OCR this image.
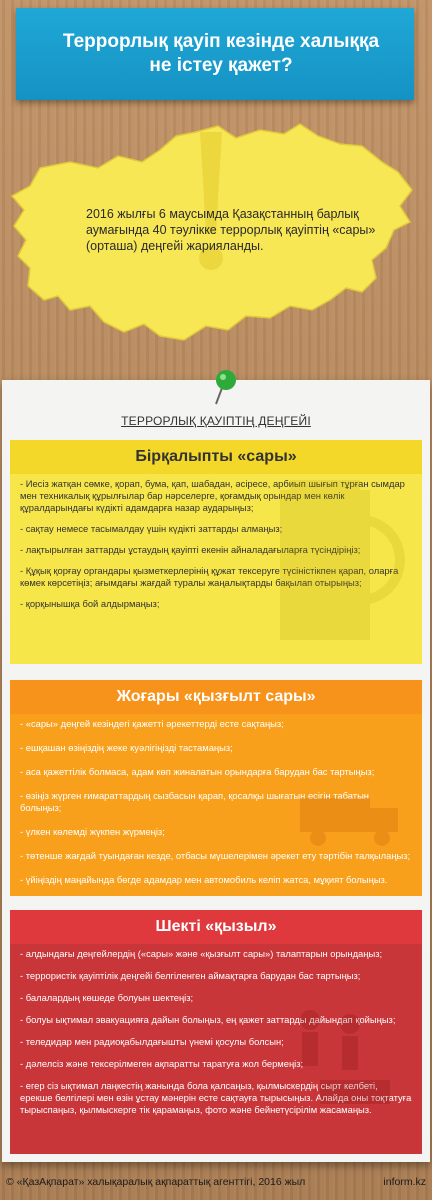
Террорлық қауіп кезінде халыққа не істеу қажет?
2016 жылғы 6 маусымда Қазақстанның барлық аумағында 40 тәулікке террорлық қауіптің «сары» (орташа) деңгейі жарияланды.
ТЕРРОРЛЫҚ ҚАУІПТІҢ ДЕҢГЕЙІ
Бірқалыпты «сары»
- Иесіз жатқан сөмке, қорап, бума, қап, шабадан, әсіресе, арбиып шығып тұрған сымдар мен техникалық құрылғылар бар нәрселерге, қоғамдық орындар мен көлік құралдарындағы күдікті адамдарға назар аударыңыз;
- сақтау немесе тасымалдау үшін күдікті заттарды алмаңыз;
- лақтырылған заттарды ұстаудың қауіпті екенін айналадағыларға түсіндіріңіз;
- Құқық қорғау органдары қызметкерлерінің құжат тексеруге түсіністікпен қарап, оларға көмек көрсетіңіз; ағымдағы жағдай туралы жаңалықтарды бақылап отырыңыз;
- қорқынышқа бой алдырмаңыз;
Жоғары «қызғылт сары»
- «сары» деңгей кезіндегі қажетті әрекеттерді есте сақтаңыз;
- ешқашан өзіңіздің жеке куәлігіңізді тастамаңыз;
- аса қажеттілік болмаса, адам көп жиналатын орындарға барудан бас тартыңыз;
- өзіңіз жүрген ғимараттардың сызбасын қарап, қосалқы шығатын есігін табатын болыңыз;
- үлкен көлемді жүкпен жүрмеңіз;
- төтенше жағдай туындаған кезде, отбасы мүшелерімен әрекет ету тәртібін талқылаңыз;
- үйіңіздің маңайында бөгде адамдар мен автомобиль келіп жатса, мұқият болыңыз.
Шекті «қызыл»
- алдындағы деңгейлердің («сары» және «қызғылт сары») талаптарын орындаңыз;
- террористік қауіптілік деңгейі белгіленген аймақтарға барудан бас тартыңыз;
- балалардың көшеде болуын шектеңіз;
- болуы ықтимал эвакуацияға дайын болыңыз, ең қажет заттарды дайындап қойыңыз;
- теледидар мен радиоқабылдағышты үнемі қосулы болсын;
- дәлелсіз және тексерілмеген ақпаратты таратуға жол бермеңіз;
- егер сіз ықтимал лаңкестің жанында бола қалсаңыз, қылмыскердің сырт келбеті, ерекше белгілері мен өзін ұстау мәнерін есте сақтауға тырысыңыз. Алайда оны тоқтатуға тырыспаңыз, қылмыскерге тік қарамаңыз, фото және бейнетүсірілім жасамаңыз.
© «ҚазАқпарат» халықаралық ақпараттық агенттігі, 2016 жыл	inform.kz
